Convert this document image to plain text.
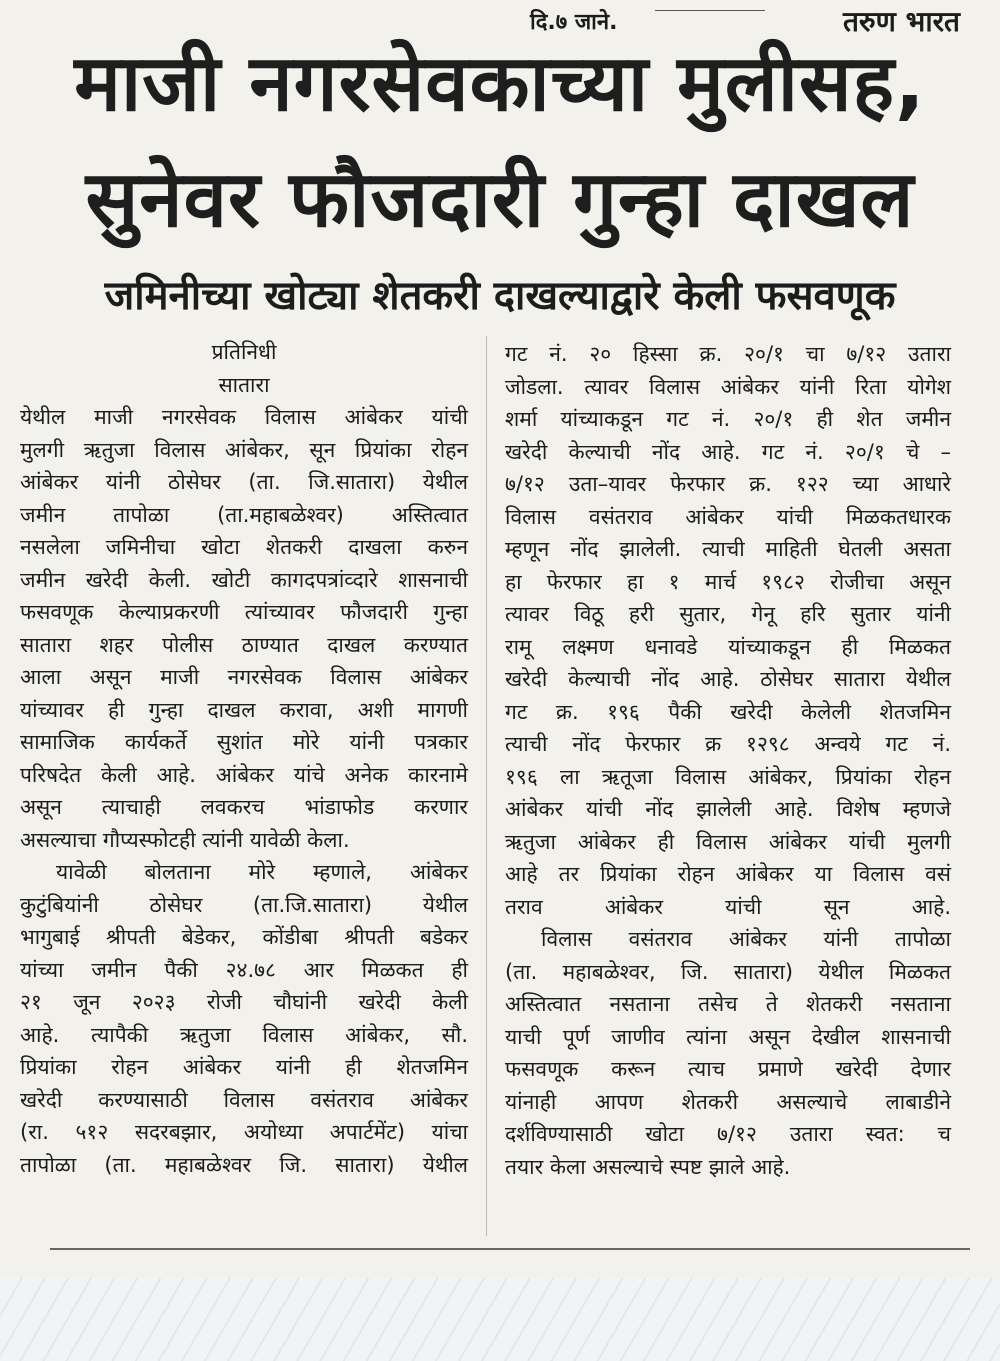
दि.७ जाने.	तरुण भारत
माजी नगरसेवकाच्या मुलीसह,
सुनेवर फौजदारी गुन्हा दाखल
जमिनीच्या खोट्या शेतकरी दाखल्याद्वारे केली फसवणूक
प्रतिनिधी
सातारा
येथील माजी नगरसेवक विलास आंबेकर यांची
मुलगी ऋतुजा विलास आंबेकर, सून प्रियांका रोहन
आंबेकर यांनी ठोसेघर (ता. जि.सातारा) येथील
जमीन तापोळा (ता.महाबळेश्वर) अस्तित्वात
नसलेला जमिनीचा खोटा शेतकरी दाखला करुन
जमीन खरेदी केली. खोटी कागदपत्रांव्दारे शासनाची
फसवणूक केल्याप्रकरणी त्यांच्यावर फौजदारी गुन्हा
सातारा शहर पोलीस ठाण्यात दाखल करण्यात
आला असून माजी नगरसेवक विलास आंबेकर
यांच्यावर ही गुन्हा दाखल करावा, अशी मागणी
सामाजिक कार्यकर्ते सुशांत मोरे यांनी पत्रकार
परिषदेत केली आहे. आंबेकर यांचे अनेक कारनामे
असून त्याचाही लवकरच भांडाफोड करणार
असल्याचा गौप्यस्फोटही त्यांनी यावेळी केला.
यावेळी बोलताना मोरे म्हणाले, आंबेकर
कुटुंबियांनी ठोसेघर (ता.जि.सातारा) येथील
भागुबाई श्रीपती बेडेकर, कोंडीबा श्रीपती बडेकर
यांच्या जमीन पैकी २४.७८ आर मिळकत ही
२१ जून २०२३ रोजी चौघांनी खरेदी केली
आहे. त्यापैकी ऋतुजा विलास आंबेकर, सौ.
प्रियांका रोहन आंबेकर यांनी ही शेतजमिन
खरेदी करण्यासाठी विलास वसंतराव आंबेकर
(रा. ५१२ सदरबझार, अयोध्या अपार्टमेंट) यांचा
तापोळा (ता. महाबळेश्वर जि. सातारा) येथील
गट नं. २० हिस्सा क्र. २०/१ चा ७/१२ उतारा
जोडला. त्यावर विलास आंबेकर यांनी रिता योगेश
शर्मा यांच्याकडून गट नं. २०/१ ही शेत जमीन
खरेदी केल्याची नोंद आहे. गट नं. २०/१ चे –
७/१२ उता–यावर फेरफार क्र. १२२ च्या आधारे
विलास वसंतराव आंबेकर यांची मिळकतधारक
म्हणून नोंद झालेली. त्याची माहिती घेतली असता
हा फेरफार हा १ मार्च १९८२ रोजीचा असून
त्यावर विठू हरी सुतार, गेनू हरि सुतार यांनी
रामू लक्ष्मण धनावडे यांच्याकडून ही मिळकत
खरेदी केल्याची नोंद आहे. ठोसेघर सातारा येथील
गट क्र. १९६ पैकी खरेदी केलेली शेतजमिन
त्याची नोंद फेरफार क्र १२९८ अन्वये गट नं.
१९६ ला ऋतूजा विलास आंबेकर, प्रियांका रोहन
आंबेकर यांची नोंद झालेली आहे. विशेष म्हणजे
ऋतुजा आंबेकर ही विलास आंबेकर यांची मुलगी
आहे तर प्रियांका रोहन आंबेकर या विलास वसं
तराव आंबेकर यांची सून आहे.
विलास वसंतराव आंबेकर यांनी तापोळा
(ता. महाबळेश्वर, जि. सातारा) येथील मिळकत
अस्तित्वात नसताना तसेच ते शेतकरी नसताना
याची पूर्ण जाणीव त्यांना असून देखील शासनाची
फसवणूक करून त्याच प्रमाणे खरेदी देणार
यांनाही आपण शेतकरी असल्याचे लाबाडीने
दर्शविण्यासाठी खोटा ७/१२ उतारा स्वत: च
तयार केला असल्याचे स्पष्ट झाले आहे.
